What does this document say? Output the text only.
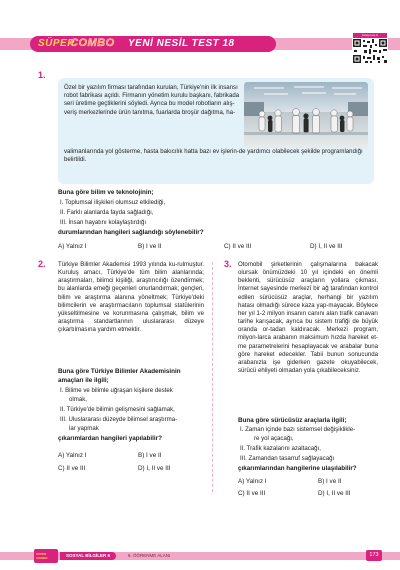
SÜPER
COMBO YENİ NESİL TEST 18
kolay.com.tr
1.
Özel bir yazılım firması tarafından kurulan, Türkiye'nin ilk insansı robot fabrikası açıldı. Firmanın yönetim kurulu başkanı, fabrikada seri üretime geçtiklerini söyledi. Ayrıca bu model robotların alış-veriş merkezlerinde ürün tanıtma, fuarlarda broşür dağıtma, ha-
valimanlarında yol gösterme, hasta bakıcılık hatta bazı ev işlerin-de yardımcı olabilecek şekilde programlandığı belirtildi.
Buna göre bilim ve teknolojinin;
I. Toplumsal ilişkileri olumsuz etkilediği,
II. Farklı alanlarda fayda sağladığı,
III. İnsan hayatını kolaylaştırdığı
durumlarından hangileri sağlandığı söylenebilir?
A) Yalnız I	B) I ve II	C) II ve III	D) I, II ve III
2. Türkiye Bilimler Akademisi 1993 yılında ku-rulmuştur. Kuruluş amacı, Türkiye'de tüm bilim alanlarında; araştırmaları, bilimci kişiliği, araştırıcılığı özendirmek; bu alanlarda emeği geçenleri onurlandırmak; gençleri, bilim ve araştırma alanına yöneltmek; Türkiye'deki bilimcilerin ve araştırmacıların toplumsal statülerinin yükseltilmesine ve korunmasına çalışmak, bilim ve araştırma standartlarının uluslararası düzeye çıkartılmasına yardım etmektir.
Buna göre Türkiye Bilimler Akademisinin
amaçları ile ilgili;
I. Bilime ve bilimle uğraşan kişilere destek
olmak,
II. Türkiye'de bilimin gelişmesini sağlamak,
III. Uluslararası düzeyde bilimsel araştırma-
lar yapmak
çıkarımlardan hangileri yapılabilir?
A) Yalnız I	B) I ve II
C) II ve III	D) I, II ve III
3. Otomobil şirketlerinin çalışmalarına bakacak olursak önümüzdeki 10 yıl içindeki en önemli beklenti, sürücüsüz araçların yollara çıkması. İnternet sayesinde merkezî bir ağ tarafından kontrol edilen sürücüsüz araçlar, herhangi bir yazılım hatası olmadığı sürece kaza yap-mayacak. Böylece her yıl 1-2 milyon insanın canını alan trafik canavarı tarihe karışacak, ayrıca bu sistem trafiği de büyük oranda or-tadan kaldıracak. Merkezi program, milyon-larca arabanın maksimum hızda hareket et-me parametrelerini hesaplayacak ve arabalar buna göre hareket edecekler. Tabii bunun sonucunda arabanızla işe giderken gazete okuyabilecek, sürücü ehliyeti olmadan yola çıkabileceksiniz.
Buna göre sürücüsüz araçlarla ilgili;
I. Zaman içinde bazı sistemsel değişiklikle-
re yol açacağı,
II. Trafik kazalarını azaltacağı,
III. Zamandan tasarruf sağlayacağı
çıkarımlarından hangilerine ulaşılabilir?
A) Yalnız I	B) I ve II
C) II ve III	D) I, II ve III
SÜPER COMBO	SOSYAL BİLGİLER 6	6. ÖĞRENME ALANI	173
